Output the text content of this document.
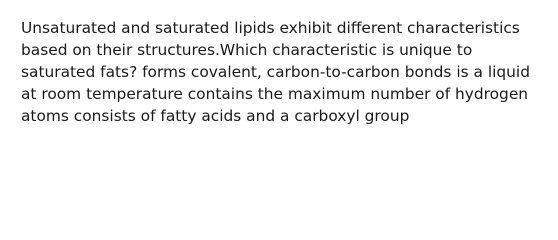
Unsaturated and saturated lipids exhibit different characteristics based on their structures.Which characteristic is unique to saturated fats? forms covalent, carbon-to-carbon bonds is a liquid at room temperature contains the maximum number of hydrogen atoms consists of fatty acids and a carboxyl group
